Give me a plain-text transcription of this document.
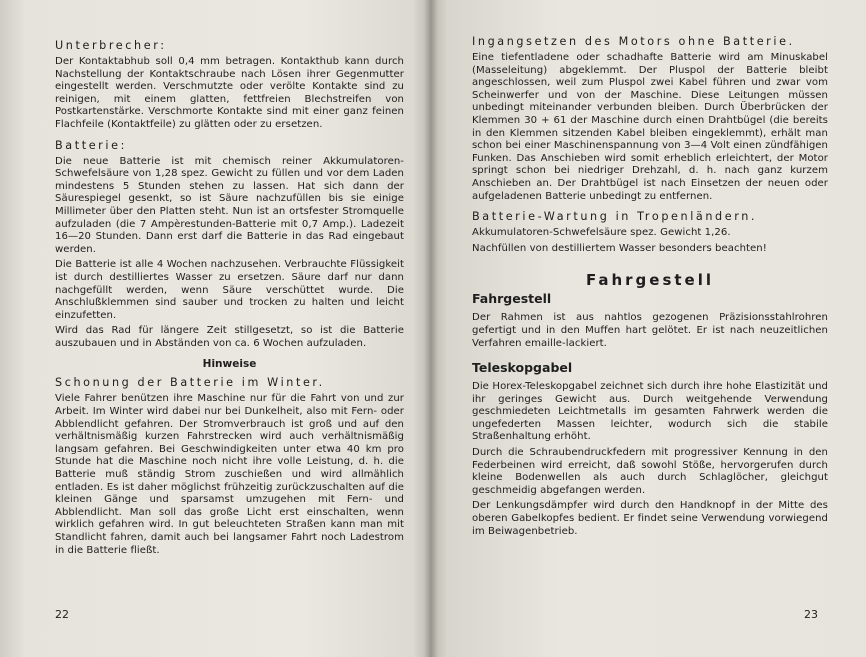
Unterbrecher:

Der Kontaktabhub soll 0,4 mm betragen. Kontakthub kann durch Nachstellung der Kontaktschraube nach Lösen ihrer Gegenmutter eingestellt werden. Verschmutzte oder verölte Kontakte sind zu reinigen, mit einem glatten, fettfreien Blechstreifen von Postkartenstärke. Verschmorte Kontakte sind mit einer ganz feinen Flachfeile (Kontaktfeile) zu glätten oder zu ersetzen.

Batterie:

Die neue Batterie ist mit chemisch reiner Akkumulatoren-Schwefelsäure von 1,28 spez. Gewicht zu füllen und vor dem Laden mindestens 5 Stunden stehen zu lassen. Hat sich dann der Säurespiegel gesenkt, so ist Säure nachzufüllen bis sie einige Millimeter über den Platten steht. Nun ist an ortsfester Stromquelle aufzuladen (die 7 Ampèrestunden-Batterie mit 0,7 Amp.). Ladezeit 16—20 Stunden. Dann erst darf die Batterie in das Rad eingebaut werden.

Die Batterie ist alle 4 Wochen nachzusehen. Verbrauchte Flüssigkeit ist durch destilliertes Wasser zu ersetzen. Säure darf nur dann nachgefüllt werden, wenn Säure verschüttet wurde. Die Anschlußklemmen sind sauber und trocken zu halten und leicht einzufetten.

Wird das Rad für längere Zeit stillgesetzt, so ist die Batterie auszubauen und in Abständen von ca. 6 Wochen aufzuladen.

Hinweise
Schonung der Batterie im Winter.

Viele Fahrer benützen ihre Maschine nur für die Fahrt von und zur Arbeit. Im Winter wird dabei nur bei Dunkelheit, also mit Fern- oder Abblendlicht gefahren. Der Stromverbrauch ist groß und auf den verhältnismäßig kurzen Fahrstrecken wird auch verhältnismäßig langsam gefahren. Bei Geschwindigkeiten unter etwa 40 km pro Stunde hat die Maschine noch nicht ihre volle Leistung, d. h. die Batterie muß ständig Strom zuschießen und wird allmählich entladen. Es ist daher möglichst frühzeitig zurückzuschalten auf die kleinen Gänge und sparsamst umzugehen mit Fern- und Abblendlicht. Man soll das große Licht erst einschalten, wenn wirklich gefahren wird. In gut beleuchteten Straßen kann man mit Standlicht fahren, damit auch bei langsamer Fahrt noch Ladestrom in die Batterie fließt.

22
Ingangsetzen des Motors ohne Batterie.

Eine tiefentladene oder schadhafte Batterie wird am Minuskabel (Masseleitung) abgeklemmt. Der Pluspol der Batterie bleibt angeschlossen, weil zum Pluspol zwei Kabel führen und zwar vom Scheinwerfer und von der Maschine. Diese Leitungen müssen unbedingt miteinander verbunden bleiben. Durch Überbrücken der Klemmen 30 + 61 der Maschine durch einen Drahtbügel (die bereits in den Klemmen sitzenden Kabel bleiben eingeklemmt), erhält man schon bei einer Maschinenspannung von 3—4 Volt einen zündfähigen Funken. Das Anschieben wird somit erheblich erleichtert, der Motor springt schon bei niedriger Drehzahl, d. h. nach ganz kurzem Anschieben an. Der Drahtbügel ist nach Einsetzen der neuen oder aufgeladenen Batterie unbedingt zu entfernen.

Batterie-Wartung in Tropenländern.

Akkumulatoren-Schwefelsäure spez. Gewicht 1,26.

Nachfüllen von destilliertem Wasser besonders beachten!

Fahrgestell
Fahrgestell

Der Rahmen ist aus nahtlos gezogenen Präzisionsstahlrohren gefertigt und in den Muffen hart gelötet. Er ist nach neuzeitlichen Verfahren emaille-lackiert.

Teleskopgabel

Die Horex-Teleskopgabel zeichnet sich durch ihre hohe Elastizität und ihr geringes Gewicht aus. Durch weitgehende Verwendung geschmiedeten Leichtmetalls im gesamten Fahrwerk werden die ungefederten Massen leichter, wodurch sich die stabile Straßenhaltung erhöht.

Durch die Schraubendruckfedern mit progressiver Kennung in den Federbeinen wird erreicht, daß sowohl Stöße, hervorgerufen durch kleine Bodenwellen als auch durch Schlaglöcher, gleichgut geschmeidig abgefangen werden.

Der Lenkungsdämpfer wird durch den Handknopf in der Mitte des oberen Gabelkopfes bedient. Er findet seine Verwendung vorwiegend im Beiwagenbetrieb.

23
